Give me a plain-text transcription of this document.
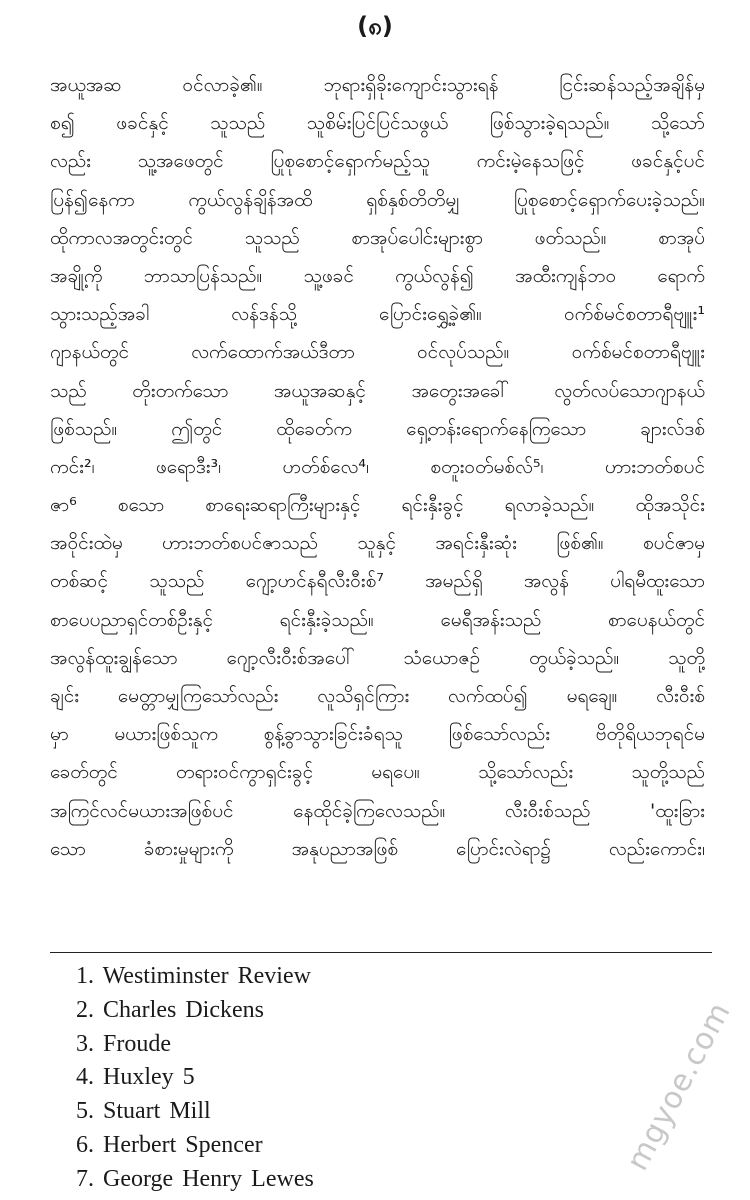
(၈)
အယူအဆ ဝင်လာခဲ့၏။ ဘုရားရှိခိုးကျောင်းသွားရန် ငြင်းဆန်သည့်အချိန်မှ
စ၍ ဖခင်နှင့် သူသည် သူစိမ်းပြင်ပြင်သဖွယ် ဖြစ်သွားခဲ့ရသည်။ သို့သော်
လည်း သူ့အဖေတွင် ပြုစုစောင့်ရှောက်မည့်သူ ကင်းမဲ့နေသဖြင့် ဖခင်နှင့်ပင်
ပြန်၍နေကာ ကွယ်လွန်ချိန်အထိ ရှစ်နှစ်တိတိမျှ ပြုစုစောင့်ရှောက်ပေးခဲ့သည်။
ထိုကာလအတွင်းတွင် သူသည် စာအုပ်ပေါင်းများစွာ ဖတ်သည်။ စာအုပ်
အချို့ကို ဘာသာပြန်သည်။ သူ့ဖခင် ကွယ်လွန်၍ အထီးကျန်ဘဝ ရောက်
သွားသည့်အခါ လန်ဒန်သို့ ပြောင်းရွှေ့ခဲ့၏။ ဝက်စ်မင်စတာရီဗျူး¹
ဂျာနယ်တွင် လက်ထောက်အယ်ဒီတာ ဝင်လုပ်သည်။ ဝက်စ်မင်စတာရီဗျူး
သည် တိုးတက်သော အယူအဆနှင့် အတွေးအခေါ် လွတ်လပ်သောဂျာနယ်
ဖြစ်သည်။ ဤတွင် ထိုခေတ်က ရှေ့တန်းရောက်နေကြသော ချားလ်ဒစ်
ကင်း²၊ ဖရောဒီး³၊ ဟတ်စ်လေ⁴၊ စတူးဝတ်မစ်လ်⁵၊ ဟားဘတ်စပင်
ဇာ⁶ စသော စာရေးဆရာကြီးများနှင့် ရင်းနှီးခွင့် ရလာခဲ့သည်။ ထိုအသိုင်း
အဝိုင်းထဲမှ ဟားဘတ်စပင်ဇာသည် သူနှင့် အရင်းနှီးဆုံး ဖြစ်၏။ စပင်ဇာမှ
တစ်ဆင့် သူသည် ဂျော့ဟင်နရီလီးဝီးစ်⁷ အမည်ရှိ အလွန် ပါရမီထူးသော
စာပေပညာရှင်တစ်ဦးနှင့် ရင်းနှီးခဲ့သည်။ မေရီအန်းသည် စာပေနယ်တွင်
အလွန်ထူးချွန်သော ဂျော့လီးဝီးစ်အပေါ် သံယောဇဉ် တွယ်ခဲ့သည်။ သူတို့
ချင်း မေတ္တာမျှကြသော်လည်း လူသိရှင်ကြား လက်ထပ်၍ မရချေ။ လီးဝီးစ်
မှာ မယားဖြစ်သူက စွန့်ခွာသွားခြင်းခံရသူ ဖြစ်သော်လည်း ဗိတိုရိယဘုရင်မ
ခေတ်တွင် တရားဝင်ကွာရှင်းခွင့် မရပေ။ သို့သော်လည်း သူတို့သည်
အကြင်လင်မယားအဖြစ်ပင် နေထိုင်ခဲ့ကြလေသည်။ လီးဝီးစ်သည် 'ထူးခြား
သော ခံစားမှုများကို အနုပညာအဖြစ် ပြောင်းလဲရာ၌ လည်းကောင်း၊
1. Westiminster Review
2. Charles Dickens
3. Froude
4. Huxley 5
5. Stuart Mill
6. Herbert Spencer
7. George Henry Lewes
mgyoe.com
